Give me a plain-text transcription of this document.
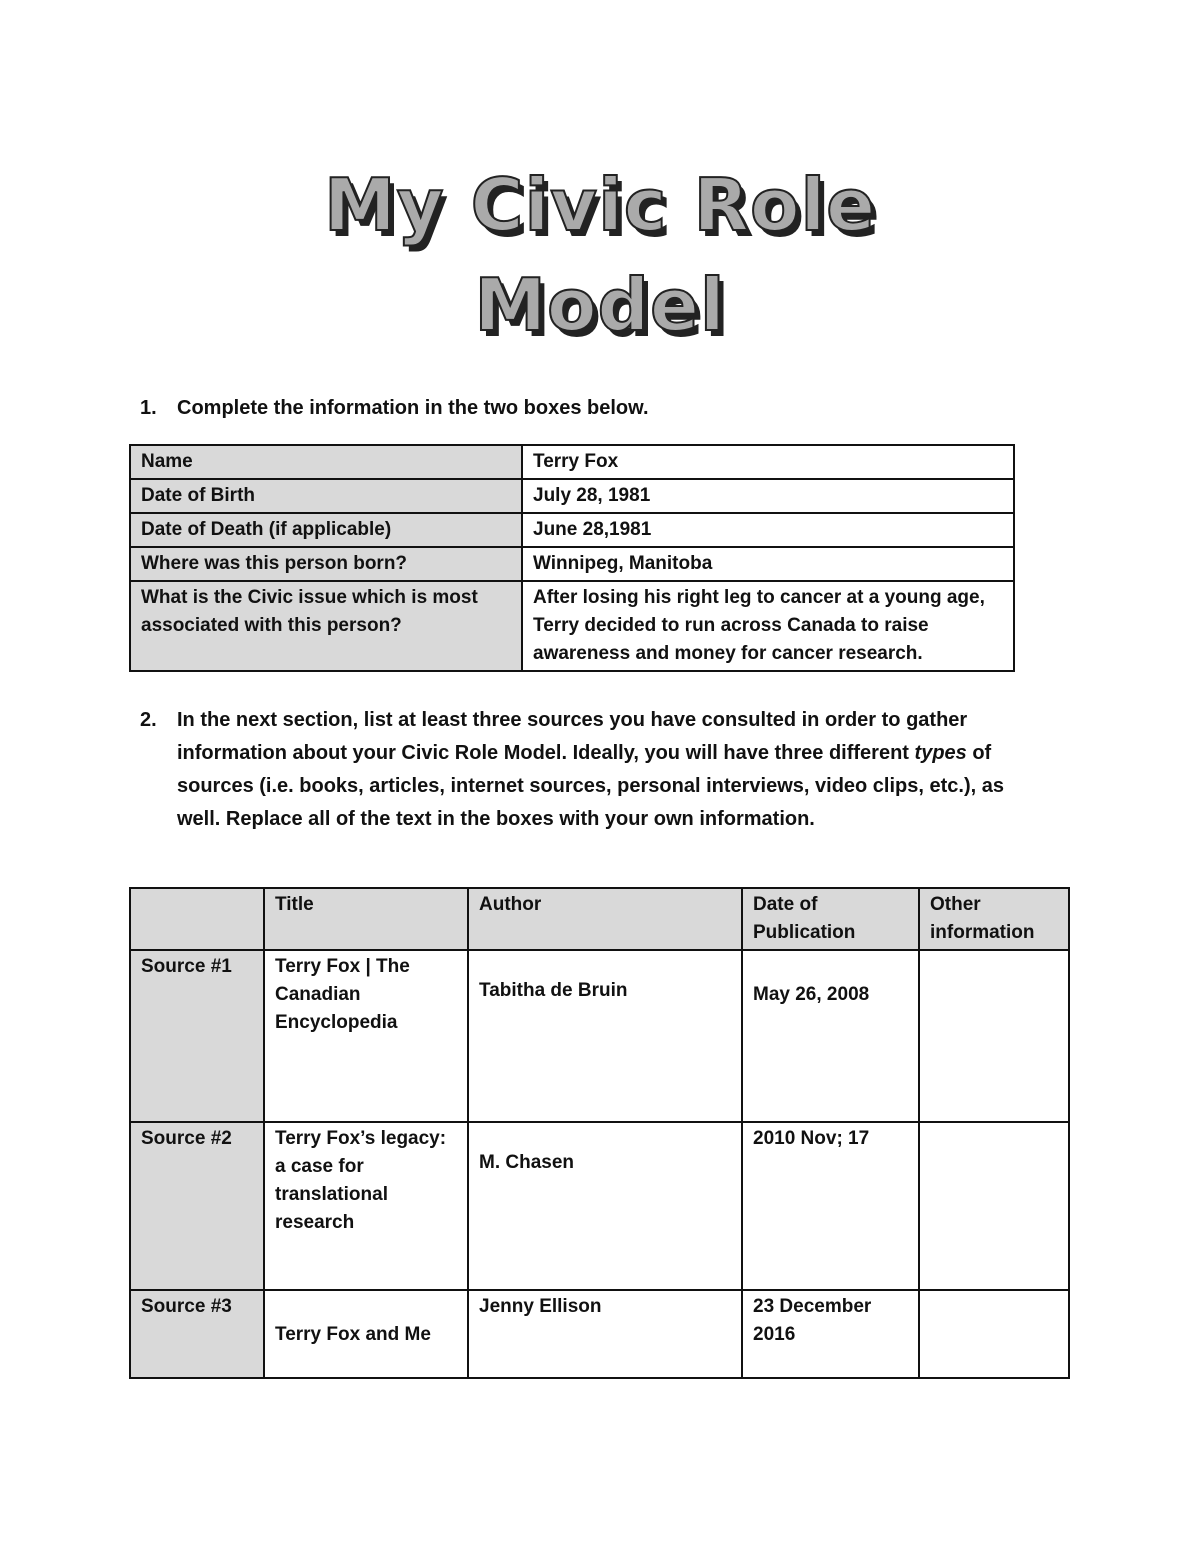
My Civic Role
Model
1. Complete the information in the two boxes below.
Name	Terry Fox
Date of Birth	July 28, 1981
Date of Death (if applicable)	June 28,1981
Where was this person born?	Winnipeg, Manitoba
What is the Civic issue which is most associated with this person?	After losing his right leg to cancer at a young age, Terry decided to run across Canada to raise awareness and money for cancer research.
2. In the next section, list at least three sources you have consulted in order to gather information about your Civic Role Model. Ideally, you will have three different types of sources (i.e. books, articles, internet sources, personal interviews, video clips, etc.), as well. Replace all of the text in the boxes with your own information.
	Title	Author	Date of Publication	Other information
Source #1	Terry Fox | The Canadian Encyclopedia	Tabitha de Bruin	May 26, 2008	
Source #2	Terry Fox’s legacy: a case for translational research	M. Chasen	2010 Nov; 17	
Source #3	Terry Fox and Me	Jenny Ellison	23 December 2016	
